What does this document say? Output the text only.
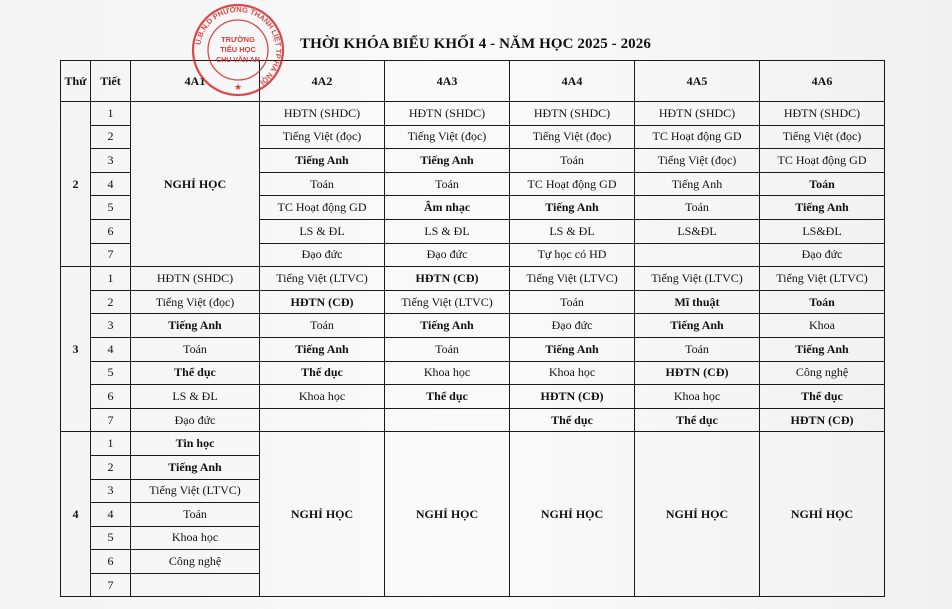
THỜI KHÓA BIỂU KHỐI 4 - NĂM HỌC 2025 - 2026
Thứ	Tiết	4A1	4A2	4A3	4A4	4A5	4A6
2	1	NGHỈ HỌC	HĐTN (SHDC)	HĐTN (SHDC)	HĐTN (SHDC)	HĐTN (SHDC)	HĐTN (SHDC)
	2		Tiếng Việt (đọc)	Tiếng Việt (đọc)	Tiếng Việt (đọc)	TC Hoạt động GD	Tiếng Việt (đọc)
	3		Tiếng Anh	Tiếng Anh	Toán	Tiếng Việt (đọc)	TC Hoạt động GD
	4		Toán	Toán	TC Hoạt động GD	Tiếng Anh	Toán
	5		TC Hoạt động GD	Âm nhạc	Tiếng Anh	Toán	Tiếng Anh
	6		LS & ĐL	LS & ĐL	LS & ĐL	LS&ĐL	LS&ĐL
	7		Đạo đức	Đạo đức	Tự học có HD		Đạo đức
3	1	HĐTN (SHDC)	Tiếng Việt (LTVC)	HĐTN (CĐ)	Tiếng Việt (LTVC)	Tiếng Việt (LTVC)	Tiếng Việt (LTVC)
	2	Tiếng Việt (đọc)	HĐTN (CĐ)	Tiếng Việt (LTVC)	Toán	Mĩ thuật	Toán
	3	Tiếng Anh	Toán	Tiếng Anh	Đạo đức	Tiếng Anh	Khoa
	4	Toán	Tiếng Anh	Toán	Tiếng Anh	Toán	Tiếng Anh
	5	Thể dục	Thể dục	Khoa học	Khoa học	HĐTN (CĐ)	Công nghệ
	6	LS & ĐL	Khoa học	Thể dục	HĐTN (CĐ)	Khoa học	Thể dục
	7	Đạo đức			Thể dục	Thể dục	HĐTN (CĐ)
4	1	Tin học	NGHỈ HỌC	NGHỈ HỌC	NGHỈ HỌC	NGHỈ HỌC	NGHỈ HỌC
	2	Tiếng Anh					
	3	Tiếng Việt (LTVC)					
	4	Toán					
	5	Khoa học					
	6	Công nghệ					
	7						
U.B.N.D PHƯỜNG THANH LIỆT TP HÀ NỘI
TRƯỜNG
TIỂU HỌC
CHU VĂN AN
★
